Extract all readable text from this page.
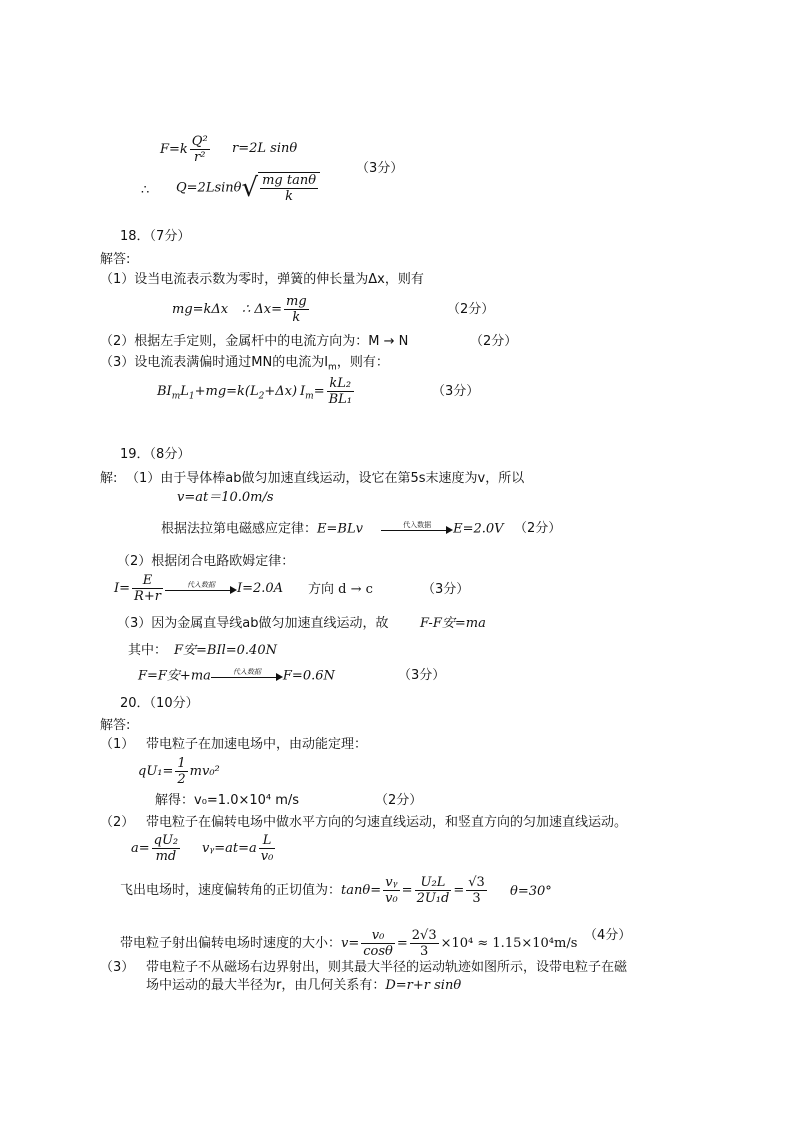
$F=k \frac{\text{Q²}}{\text{r²}} r=2L$ sinθ
∴ $Q=2Lsin\theta√ \frac{\text{mg tanθ}}{k}$
（3分）
18．（7分）
解答:
（1）设当电流表示数为零时，弹簧的伸长量为Δx，则有
mg=kΔx ∴ $\Delta x= \frac{mg}{k}$	（2分）
（2）根据左手定则，金属杆中的电流方向为：M → N	（2分）
（3）设电流表满偏时通过MN的电流为$I_m$，则有：
$BI_mL_1+mg=k(L_2+\Delta x)$ $I_m= \frac{\text{kL₂}}{\text{BL₁}}$	（3分）
19．（8分）
解: （1）由于导体棒ab做匀加速直线运动，设它在第5s末速度为v，所以
v=at＝10.0m/s
根据法拉第电磁感应定律：E=BLv	代入数据	E=2.0V （2分）
（2）根据闭合电路欧姆定律：
$I= \frac{E}{R+r}$	代入数据	I=2.0A 方向 d → c	（3分）
（3）因为金属直导线ab做匀加速直线运动，故 F-F安=ma
其中： F安=BIl=0.40N
F=F安+ma	代入数据	F=0.6N	（3分）
20．（10分）
解答:
（1） 带电粒子在加速电场中，由动能定理：
$qU_1= \frac{1}{2} mv_0^2$
解得：v₀=1.0×10⁴ m/s	（2分）
（2） 带电粒子在偏转电场中做水平方向的匀速直线运动，和竖直方向的匀加速直线运动。
$a= \frac{\text{qU₂}}{md}$ vᵧ=at=a $\frac{L}{\text{v₀}}$
飞出电场时，速度偏转角的正切值为：$\tan\theta= \frac{\text{vᵧ}}{\text{v₀}} = \frac{\text{U₂L}}{\text{2U₁d}} = \frac{√3}{3} \theta=30^\circ$
带电粒子射出偏转电场时速度的大小：$v= \frac{\text{v₀}}{\cos\theta} = \frac{2√3}{3} \times 10^4 \approx 1.15\times 10^4m/s$
（4分）
（3） 带电粒子不从磁场右边界射出，则其最大半径的运动轨迹如图所示，设带电粒子在磁
场中运动的最大半径为r，由几何关系有：D=r+r sinθ
